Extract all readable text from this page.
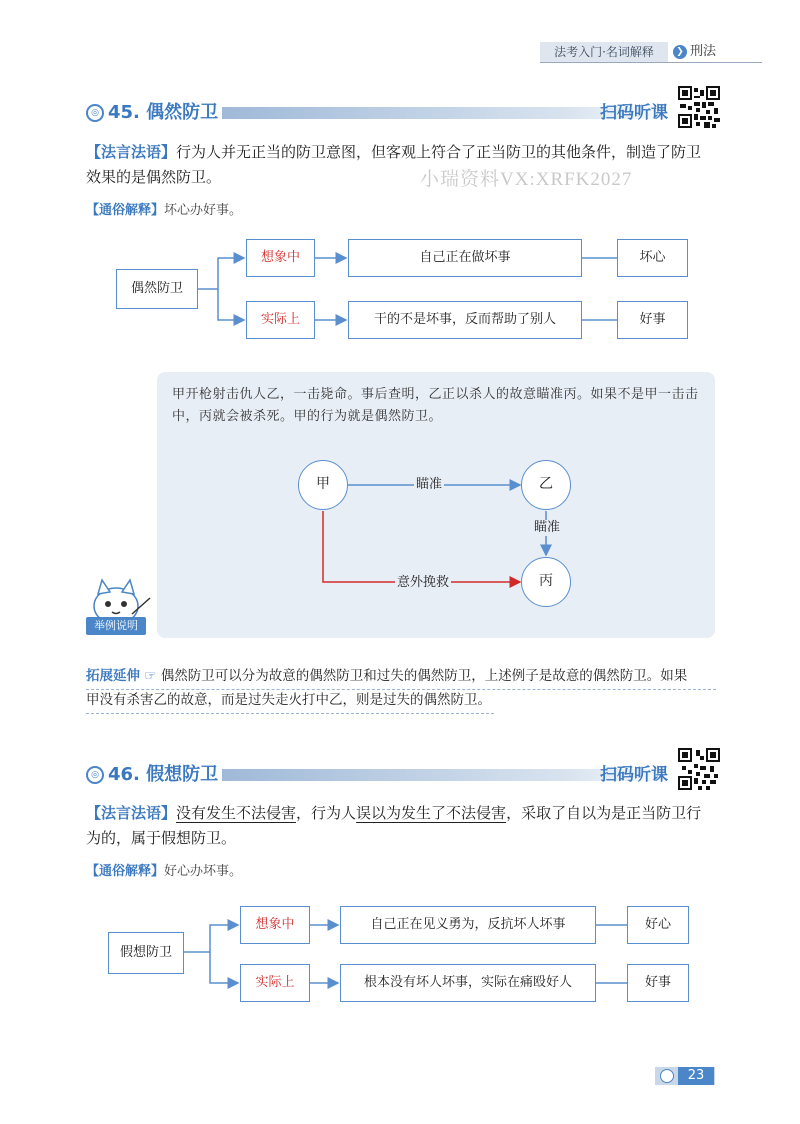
法考入门·名词解释	❯ 刑法
◎ 45. 偶然防卫	扫码听课
【法言法语】行为人并无正当的防卫意图，但客观上符合了正当防卫的其他条件，制造了防卫
效果的是偶然防卫。	小瑞资料VX:XRFK2027
【通俗解释】坏心办好事。
偶然防卫
想象中	自己正在做坏事	坏心
实际上	干的不是坏事，反而帮助了别人	好事
甲开枪射击仇人乙，一击毙命。事后查明，乙正以杀人的故意瞄准丙。如果不是甲一击击中，丙就会被杀死。甲的行为就是偶然防卫。
甲	乙
丙
瞄准
瞄准
意外挽救
举例说明
拓展延伸 ☞ 偶然防卫可以分为故意的偶然防卫和过失的偶然防卫，上述例子是故意的偶然防卫。如果
甲没有杀害乙的故意，而是过失走火打中乙，则是过失的偶然防卫。
◎ 46. 假想防卫	扫码听课
【法言法语】没有发生不法侵害，行为人误以为发生了不法侵害，采取了自以为是正当防卫行
为的，属于假想防卫。
【通俗解释】好心办坏事。
假想防卫
想象中	自己正在见义勇为，反抗坏人坏事	好心
实际上	根本没有坏人坏事，实际在痛殴好人	好事
23
